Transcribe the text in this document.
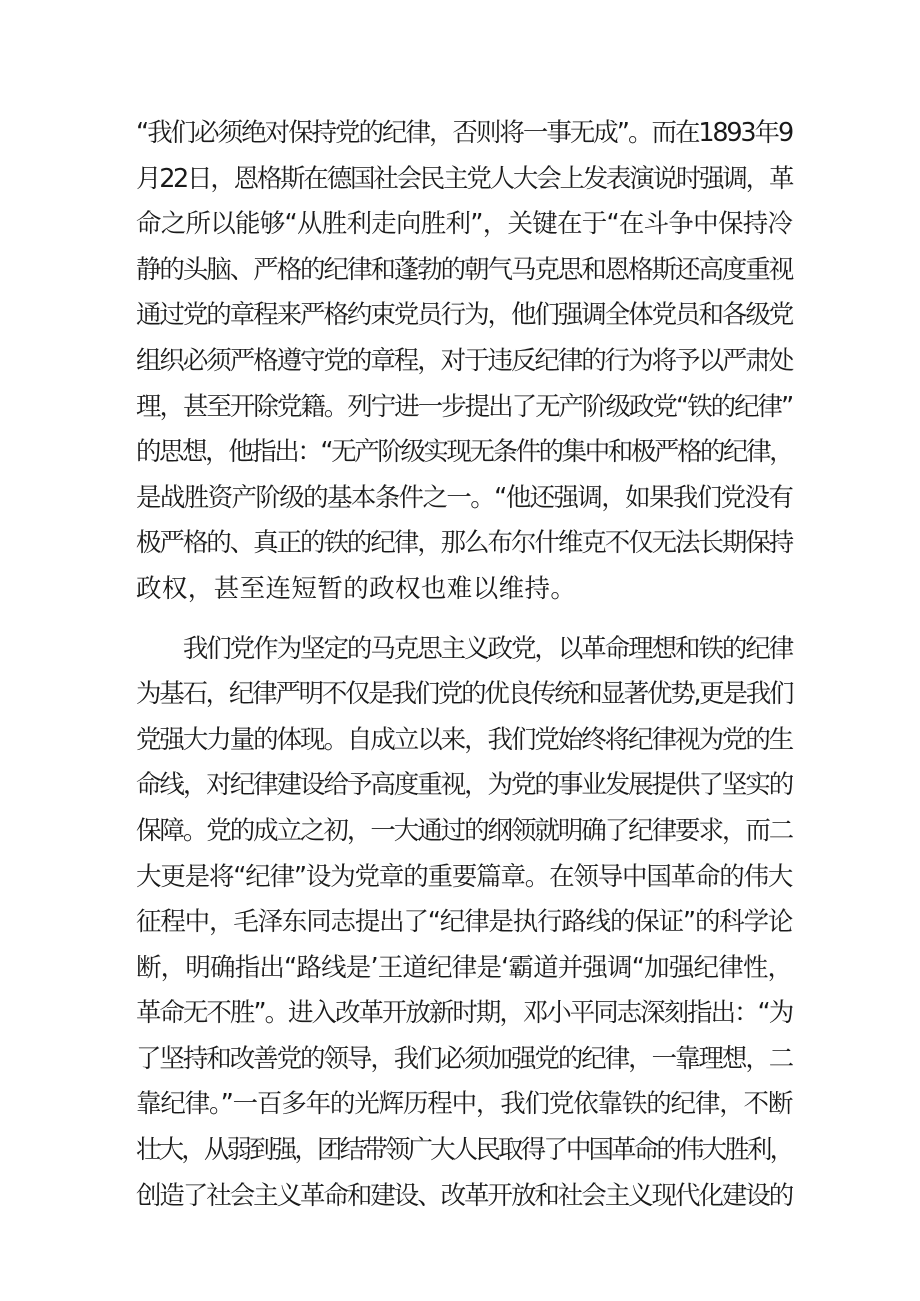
“我们必须绝对保持党的纪律，否则将一事无成”。而在1893年9
月22日，恩格斯在德国社会民主党人大会上发表演说时强调，革
命之所以能够“从胜利走向胜利”，关键在于“在斗争中保持冷
静的头脑、严格的纪律和蓬勃的朝气马克思和恩格斯还高度重视
通过党的章程来严格约束党员行为，他们强调全体党员和各级党
组织必须严格遵守党的章程，对于违反纪律的行为将予以严肃处
理，甚至开除党籍。列宁进一步提出了无产阶级政党“铁的纪律”
的思想，他指出：“无产阶级实现无条件的集中和极严格的纪律，
是战胜资产阶级的基本条件之一。“他还强调，如果我们党没有
极严格的、真正的铁的纪律，那么布尔什维克不仅无法长期保持
政权，甚至连短暂的政权也难以维持。
　　我们党作为坚定的马克思主义政党，以革命理想和铁的纪律
为基石，纪律严明不仅是我们党的优良传统和显著优势,更是我们
党强大力量的体现。自成立以来，我们党始终将纪律视为党的生
命线，对纪律建设给予高度重视，为党的事业发展提供了坚实的
保障。党的成立之初，一大通过的纲领就明确了纪律要求，而二
大更是将“纪律”设为党章的重要篇章。在领导中国革命的伟大
征程中，毛泽东同志提出了“纪律是执行路线的保证”的科学论
断，明确指出“路线是’王道纪律是‘霸道并强调“加强纪律性，
革命无不胜”。进入改革开放新时期，邓小平同志深刻指出：“为
了坚持和改善党的领导，我们必须加强党的纪律，一靠理想，二
靠纪律。”一百多年的光辉历程中，我们党依靠铁的纪律，不断
壮大，从弱到强，团结带领广大人民取得了中国革命的伟大胜利，
创造了社会主义革命和建设、改革开放和社会主义现代化建设的
